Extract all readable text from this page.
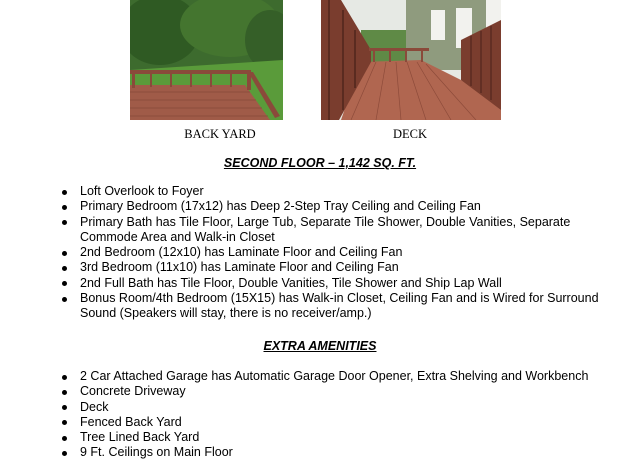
BACK YARD	DECK
SECOND FLOOR – 1,142 SQ. FT.
Loft Overlook to Foyer
Primary Bedroom (17x12) has Deep 2-Step Tray Ceiling and Ceiling Fan
Primary Bath has Tile Floor, Large Tub, Separate Tile Shower, Double Vanities, Separate Commode Area and Walk-in Closet
2nd Bedroom (12x10) has Laminate Floor and Ceiling Fan
3rd Bedroom (11x10) has Laminate Floor and Ceiling Fan
2nd Full Bath has Tile Floor, Double Vanities, Tile Shower and Ship Lap Wall
Bonus Room/4th Bedroom (15X15) has Walk-in Closet, Ceiling Fan and is Wired for Surround Sound (Speakers will stay, there is no receiver/amp.)
EXTRA AMENITIES
2 Car Attached Garage has Automatic Garage Door Opener, Extra Shelving and Workbench
Concrete Driveway
Deck
Fenced Back Yard
Tree Lined Back Yard
9 Ft. Ceilings on Main Floor
